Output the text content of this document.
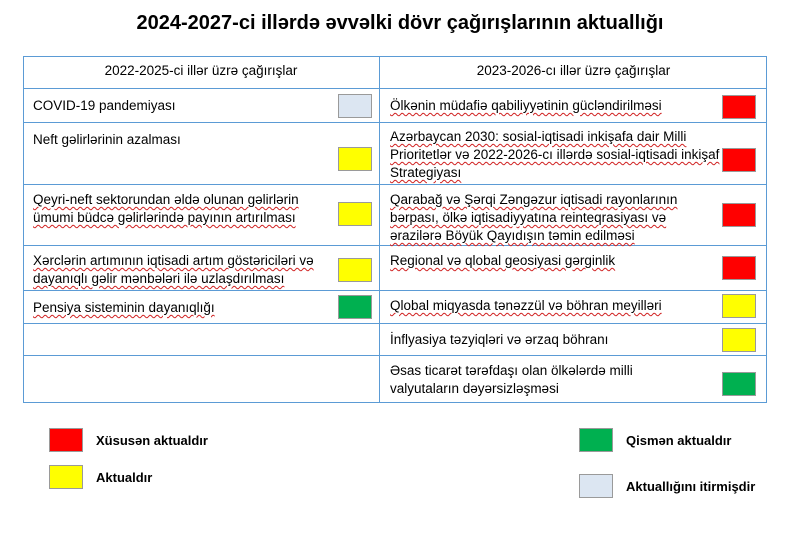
2024-2027-ci illərdə əvvəlki dövr çağırışlarının aktuallığı
2022-2025-ci illər üzrə çağırışlar	2023-2026-cı illər üzrə çağırışlar
COVID-19 pandemiyası
Neft gəlirlərinin azalması
Qeyri-neft sektorundan əldə olunan gəlirlərin ümumi büdcə gəlirlərində payının artırılması
Xərclərin artımının iqtisadi artım göstəriciləri və dayanıqlı gəlir mənbələri ilə uzlaşdırılması
Pensiya sisteminin dayanıqlığı
Ölkənin müdafiə qabiliyyətinin gücləndirilməsi
Azərbaycan 2030: sosial-iqtisadi inkişafa dair Milli Prioritetlər və 2022-2026-cı illərdə sosial-iqtisadi inkişaf Strategiyası
Qarabağ və Şərqi Zəngəzur iqtisadi rayonlarının bərpası, ölkə iqtisadiyyatına reinteqrasiyası və ərazilərə Böyük Qayıdışın təmin edilməsi
Regional və qlobal geosiyasi gərginlik
Qlobal miqyasda tənəzzül və böhran meyilləri
İnflyasiya təzyiqləri və ərzaq böhranı
Əsas ticarət tərəfdaşı olan ölkələrdə milli valyutaların dəyərsizləşməsi
Xüsusən aktualdır
Aktualdır
Qismən aktualdır
Aktuallığını itirmişdir
